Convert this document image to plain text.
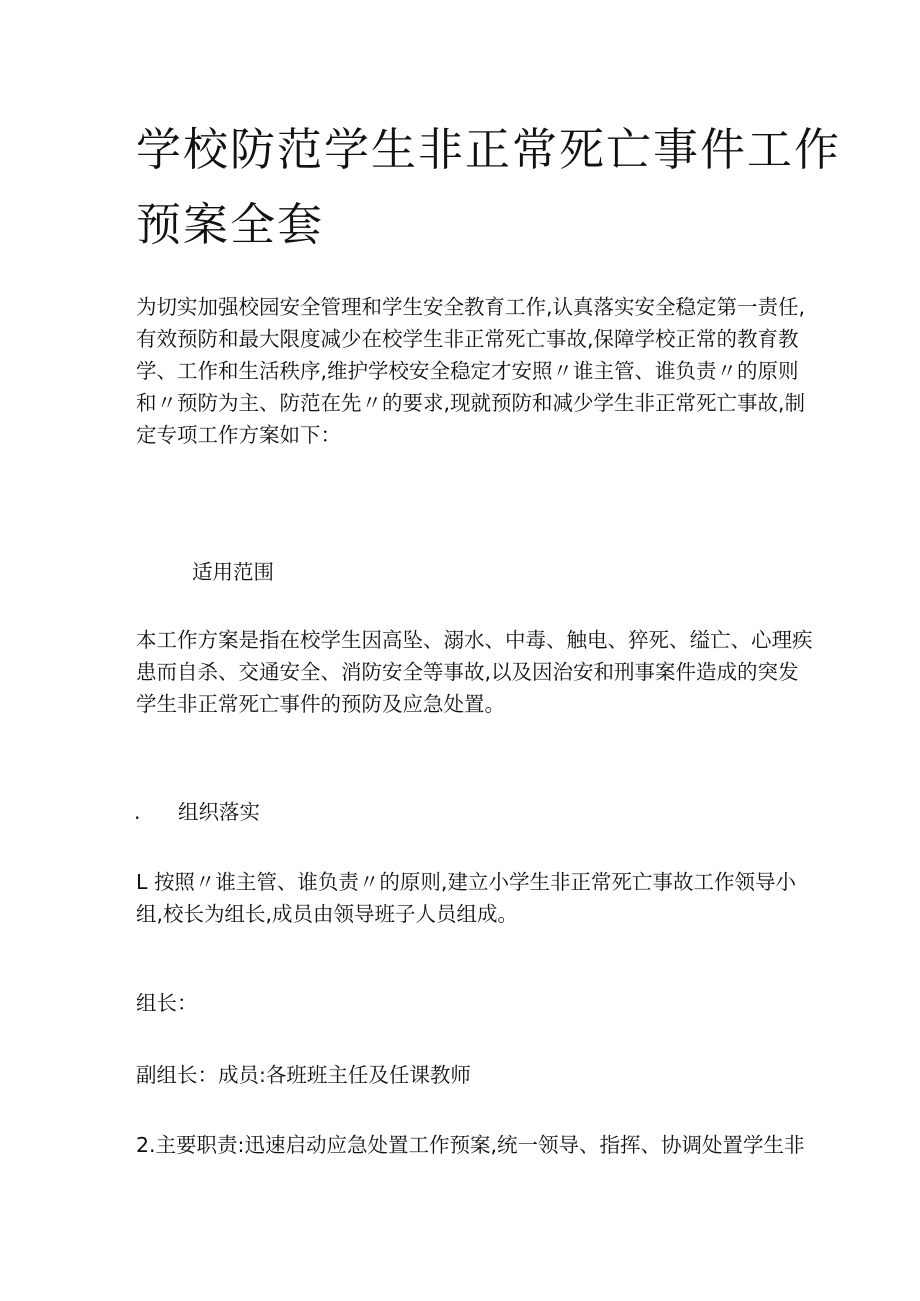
学校防范学生非正常死亡事件工作
预案全套
为切实加强校园安全管理和学生安全教育工作,认真落实安全稳定第一责任,
有效预防和最大限度减少在校学生非正常死亡事故,保障学校正常的教育教
学、工作和生活秩序,维护学校安全稳定才安照〃谁主管、谁负责〃的原则
和〃预防为主、防范在先〃的要求,现就预防和减少学生非正常死亡事故,制
定专项工作方案如下：
适用范围
本工作方案是指在校学生因高坠、溺水、中毒、触电、猝死、缢亡、心理疾
患而自杀、交通安全、消防安全等事故,以及因治安和刑事案件造成的突发
学生非正常死亡事件的预防及应急处置。
. 组织落实
L 按照〃谁主管、谁负责〃的原则,建立小学生非正常死亡事故工作领导小
组,校长为组长,成员由领导班子人员组成。
组长：
副组长：成员:各班班主任及任课教师
2.主要职责:迅速启动应急处置工作预案,统一领导、指挥、协调处置学生非
